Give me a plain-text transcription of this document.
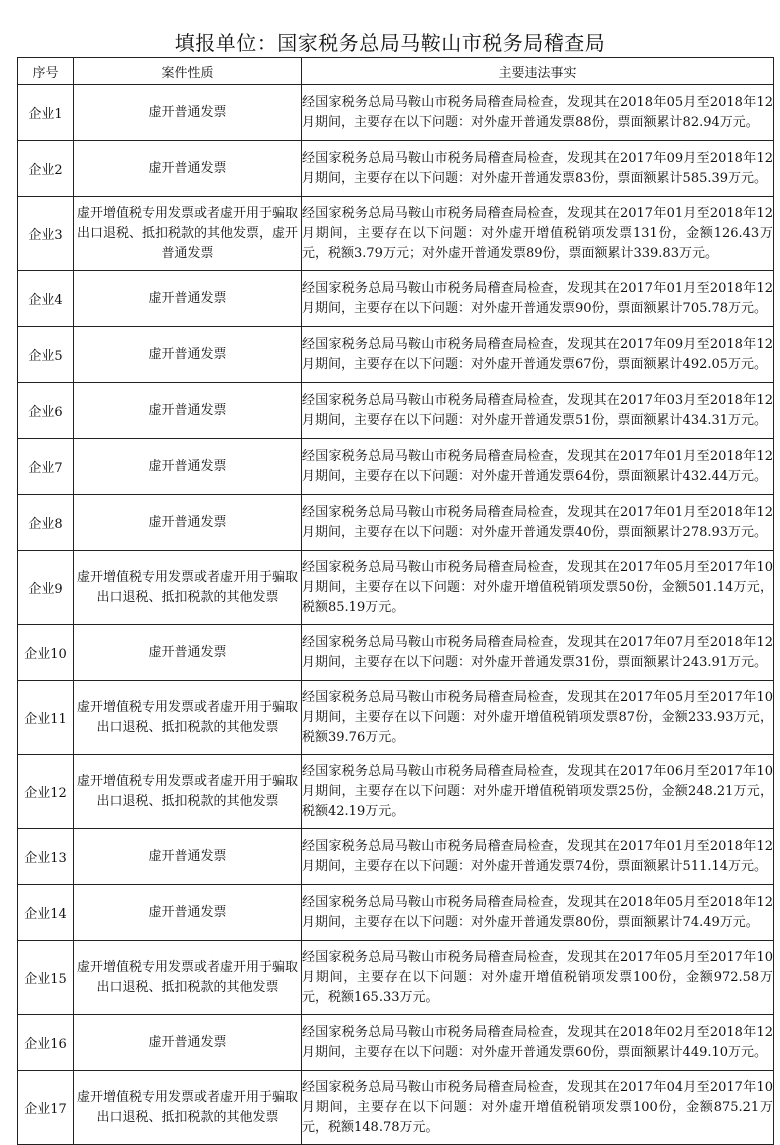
填报单位：国家税务总局马鞍山市税务局稽查局
序号	案件性质	主要违法事实
企业1	虚开普通发票	经国家税务总局马鞍山市税务局稽查局检查，发现其在2018年05月至2018年12月期间，主要存在以下问题：对外虚开普通发票88份，票面额累计82.94万元。

企业2	虚开普通发票	经国家税务总局马鞍山市税务局稽查局检查，发现其在2017年09月至2018年12月期间，主要存在以下问题：对外虚开普通发票83份，票面额累计585.39万元。

企业3	虚开增值税专用发票或者虚开用于骗取出口退税、抵扣税款的其他发票，虚开普通发票	经国家税务总局马鞍山市税务局稽查局检查，发现其在2017年01月至2018年12月期间，主要存在以下问题：对外虚开增值税销项发票131份，金额126.43万元，税额3.79万元；对外虚开普通发票89份，票面额累计339.83万元。

企业4	虚开普通发票	经国家税务总局马鞍山市税务局稽查局检查，发现其在2017年01月至2018年12月期间，主要存在以下问题：对外虚开普通发票90份，票面额累计705.78万元。

企业5	虚开普通发票	经国家税务总局马鞍山市税务局稽查局检查，发现其在2017年09月至2018年12月期间，主要存在以下问题：对外虚开普通发票67份，票面额累计492.05万元。

企业6	虚开普通发票	经国家税务总局马鞍山市税务局稽查局检查，发现其在2017年03月至2018年12月期间，主要存在以下问题：对外虚开普通发票51份，票面额累计434.31万元。

企业7	虚开普通发票	经国家税务总局马鞍山市税务局稽查局检查，发现其在2017年01月至2018年12月期间，主要存在以下问题：对外虚开普通发票64份，票面额累计432.44万元。

企业8	虚开普通发票	经国家税务总局马鞍山市税务局稽查局检查，发现其在2017年01月至2018年12月期间，主要存在以下问题：对外虚开普通发票40份，票面额累计278.93万元。

企业9	虚开增值税专用发票或者虚开用于骗取出口退税、抵扣税款的其他发票	经国家税务总局马鞍山市税务局稽查局检查，发现其在2017年05月至2017年10月期间，主要存在以下问题：对外虚开增值税销项发票50份，金额501.14万元，税额85.19万元。

企业10	虚开普通发票	经国家税务总局马鞍山市税务局稽查局检查，发现其在2017年07月至2018年12月期间，主要存在以下问题：对外虚开普通发票31份，票面额累计243.91万元。

企业11	虚开增值税专用发票或者虚开用于骗取出口退税、抵扣税款的其他发票	经国家税务总局马鞍山市税务局稽查局检查，发现其在2017年05月至2017年10月期间，主要存在以下问题：对外虚开增值税销项发票87份，金额233.93万元，税额39.76万元。

企业12	虚开增值税专用发票或者虚开用于骗取出口退税、抵扣税款的其他发票	经国家税务总局马鞍山市税务局稽查局检查，发现其在2017年06月至2017年10月期间，主要存在以下问题：对外虚开增值税销项发票25份，金额248.21万元，税额42.19万元。

企业13	虚开普通发票	经国家税务总局马鞍山市税务局稽查局检查，发现其在2017年01月至2018年12月期间，主要存在以下问题：对外虚开普通发票74份，票面额累计511.14万元。

企业14	虚开普通发票	经国家税务总局马鞍山市税务局稽查局检查，发现其在2018年05月至2018年12月期间，主要存在以下问题：对外虚开普通发票80份，票面额累计74.49万元。

企业15	虚开增值税专用发票或者虚开用于骗取出口退税、抵扣税款的其他发票	经国家税务总局马鞍山市税务局稽查局检查，发现其在2017年05月至2017年10月期间，主要存在以下问题：对外虚开增值税销项发票100份，金额972.58万元，税额165.33万元。

企业16	虚开普通发票	经国家税务总局马鞍山市税务局稽查局检查，发现其在2018年02月至2018年12月期间，主要存在以下问题：对外虚开普通发票60份，票面额累计449.10万元。

企业17	虚开增值税专用发票或者虚开用于骗取出口退税、抵扣税款的其他发票	经国家税务总局马鞍山市税务局稽查局检查，发现其在2017年04月至2017年10月期间，主要存在以下问题：对外虚开增值税销项发票100份，金额875.21万元，税额148.78万元。
